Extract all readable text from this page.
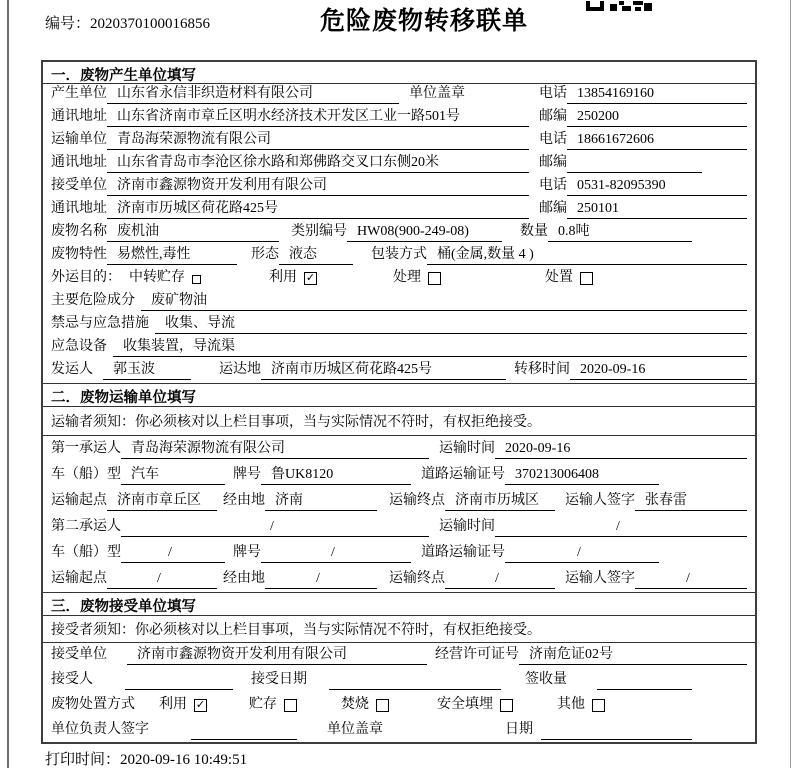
编号：2020370100016856	危险废物转移联单
一．废物产生单位填写
产生单位 山东省永信非织造材料有限公司	单位盖章	电话 13854169160
通讯地址 山东省济南市章丘区明水经济技术开发区工业一路501号	邮编 250200
运输单位 青岛海荣源物流有限公司	电话 18661672606
通讯地址 山东省青岛市李沧区徐水路和郑佛路交叉口东侧20米	邮编
接受单位 济南市鑫源物资开发利用有限公司	电话 0531-82095390
通讯地址 济南市历城区荷花路425号	邮编 250101
废物名称 废机油	类别编号 HW08(900-249-08)	数量 0.8吨
废物特性 易燃性,毒性	形态 液态	包装方式 桶(金属,数量 4 )
外运目的： 中转贮存	利用 ✓	处理	处置
主要危险成分	废矿物油
禁忌与应急措施	收集、导流
应急设备	收集装置，导流渠
发运人	郭玉波	运达地 济南市历城区荷花路425号	转移时间 2020-09-16
二．废物运输单位填写
运输者须知：你必须核对以上栏目事项，当与实际情况不符时，有权拒绝接受。
第一承运人 青岛海荣源物流有限公司	运输时间 2020-09-16
车（船）型 汽车	牌号 鲁UK8120	道路运输证号 370213006408
运输起点 济南市章丘区	经由地 济南	运输终点 济南市历城区	运输人签字 张春雷
第二承运人	/	运输时间	/
车（船）型	/	牌号	/	道路运输证号	/
运输起点	/	经由地	/	运输终点	/	运输人签字	/
三．废物接受单位填写
接受者须知：你必须核对以上栏目事项，当与实际情况不符时，有权拒绝接受。
接受单位	济南市鑫源物资开发利用有限公司	经营许可证号 济南危证02号
接受人	接受日期	签收量
废物处置方式 利用 ✓	贮存	焚烧	安全填埋	其他
单位负责人签字	单位盖章	日期
打印时间：2020-09-16 10:49:51
